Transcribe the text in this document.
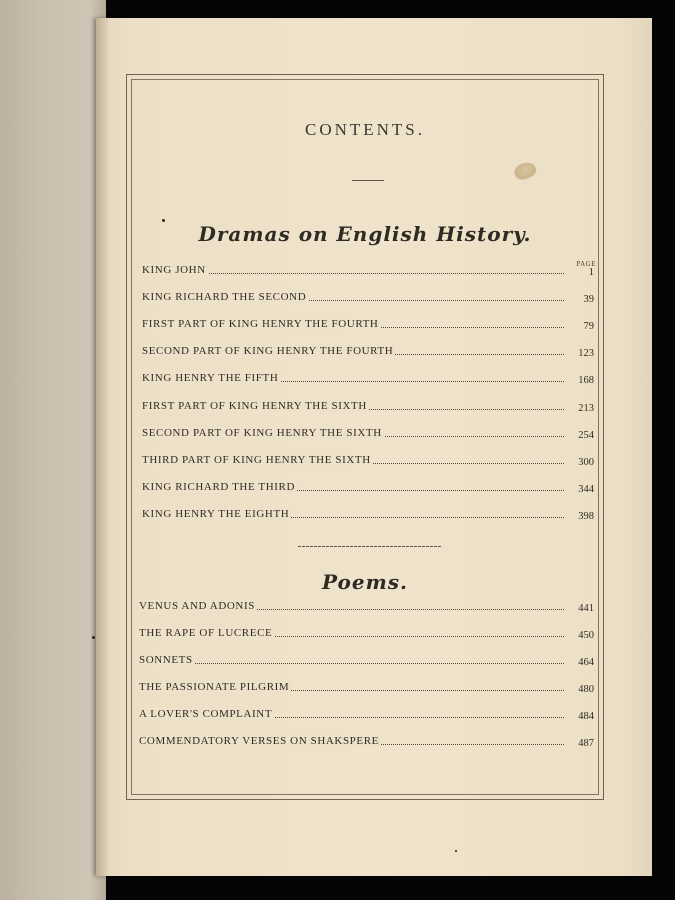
CONTENTS.
Dramas on English History.
PAGE
KING JOHN	1
KING RICHARD THE SECOND	39
FIRST PART OF KING HENRY THE FOURTH	79
SECOND PART OF KING HENRY THE FOURTH	123
KING HENRY THE FIFTH	168
FIRST PART OF KING HENRY THE SIXTH	213
SECOND PART OF KING HENRY THE SIXTH	254
THIRD PART OF KING HENRY THE SIXTH	300
KING RICHARD THE THIRD	344
KING HENRY THE EIGHTH	398
Poems.
VENUS AND ADONIS	441
THE RAPE OF LUCRECE	450
SONNETS	464
THE PASSIONATE PILGRIM	480
A LOVER'S COMPLAINT	484
COMMENDATORY VERSES ON SHAKSPERE	487
